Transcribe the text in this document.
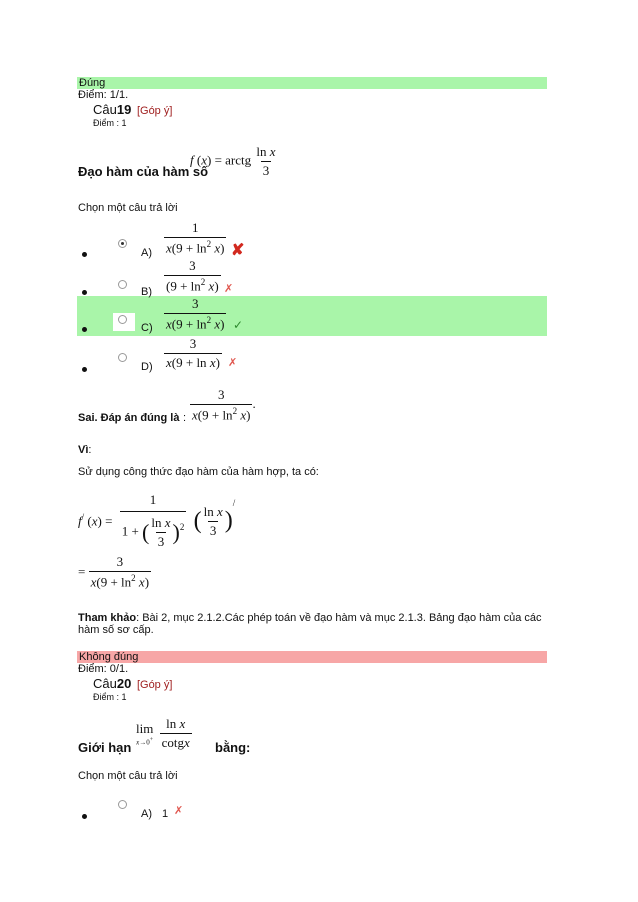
Đúng
Điểm: 1/1.
Câu19 [Góp ý]
Điểm : 1
f (x) = arctg $\frac{\text{ln x}}{3}$
Đạo hàm của hàm số
Chọn một câu trả lời
$A) \frac{1}{x(9 + \ln^2 x)}$ ✘
$B) \frac{3}{(9 + \ln^2 x)}$ ✗
$C) \frac{3}{x(9 + \ln^2 x)}$ ✓
$D) \frac{3}{\text{x(9 + ln x)}}$ ✗
Sai. Đáp án đúng là : $\frac{3}{x(9 + \ln^2 x)}$ .
Vì:
Sử dụng công thức đạo hàm của hàm hợp, ta có:
f/ $(x) = \frac{1}{1 + ( \frac{\text{ln x}}{3} )^2}$ ( $\frac{\text{ln x}}{3} )^/$
= $\frac{3}{x(9 + \ln^2 x)}$
Tham khảo: Bài 2, mục 2.1.2.Các phép toán về đạo hàm và mục 2.1.3. Bảng đạo hàm của các hàm số sơ cấp.
Không đúng
Điểm: 0/1.
Câu20 [Góp ý]
Điểm : 1
Giới hạn
lim
x→0+
$\frac{\text{ln x}}{\text{cotgx}}$ bằng:
Chọn một câu trả lời
A) 1 ✗
